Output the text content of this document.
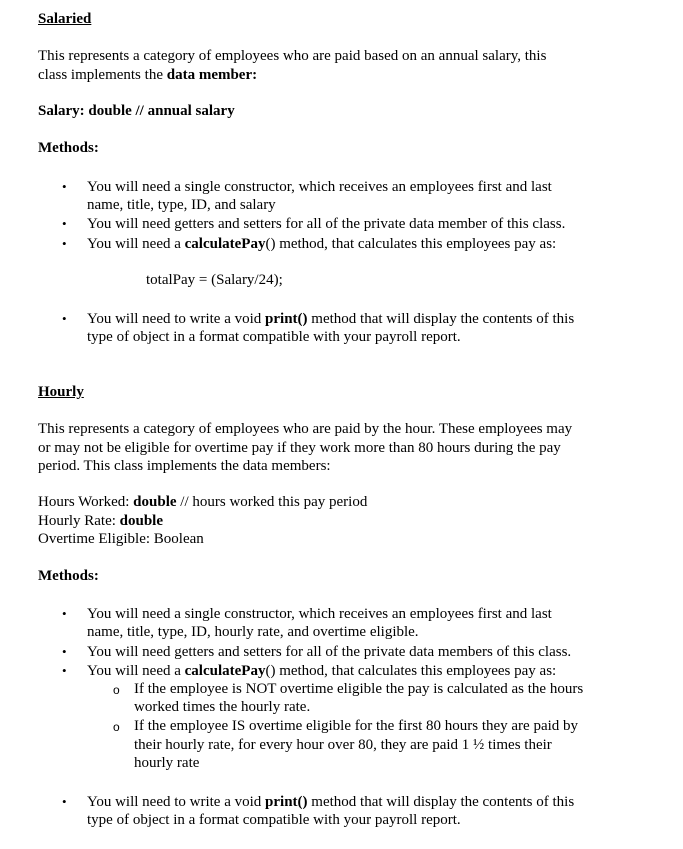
Salaried
This represents a category of employees who are paid based on an annual salary, this
class implements the data member:
Salary: double // annual salary
Methods:
• You will need a single constructor, which receives an employees first and last
name, title, type, ID, and salary
• You will need getters and setters for all of the private data member of this class.
• You will need a calculatePay() method, that calculates this employees pay as:
totalPay = (Salary/24);
• You will need to write a void print() method that will display the contents of this
type of object in a format compatible with your payroll report.
Hourly
This represents a category of employees who are paid by the hour. These employees may
or may not be eligible for overtime pay if they work more than 80 hours during the pay
period. This class implements the data members:
Hours Worked: double // hours worked this pay period
Hourly Rate: double
Overtime Eligible: Boolean
Methods:
• You will need a single constructor, which receives an employees first and last
name, title, type, ID, hourly rate, and overtime eligible.
• You will need getters and setters for all of the private data members of this class.
• You will need a calculatePay() method, that calculates this employees pay as:
o If the employee is NOT overtime eligible the pay is calculated as the hours
worked times the hourly rate.
o If the employee IS overtime eligible for the first 80 hours they are paid by
their hourly rate, for every hour over 80, they are paid 1 ½ times their
hourly rate
• You will need to write a void print() method that will display the contents of this
type of object in a format compatible with your payroll report.
